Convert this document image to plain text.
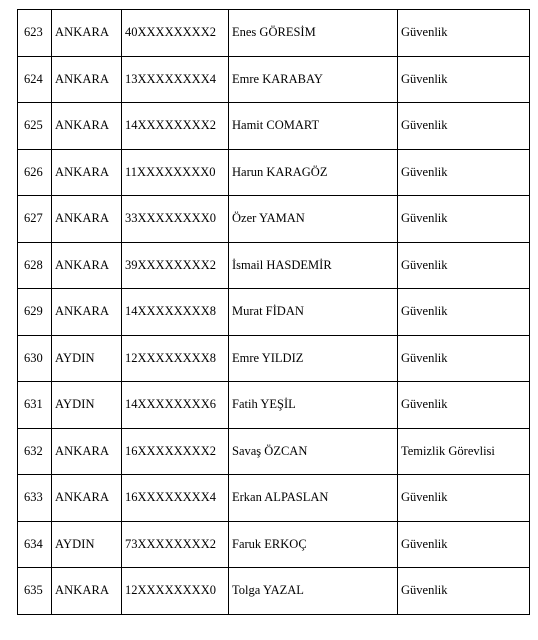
623	ANKARA	40XXXXXXXX2	Enes GÖRESİM	Güvenlik
624	ANKARA	13XXXXXXXX4	Emre KARABAY	Güvenlik
625	ANKARA	14XXXXXXXX2	Hamit COMART	Güvenlik
626	ANKARA	11XXXXXXXX0	Harun KARAGÖZ	Güvenlik
627	ANKARA	33XXXXXXXX0	Özer YAMAN	Güvenlik
628	ANKARA	39XXXXXXXX2	İsmail HASDEMİR	Güvenlik
629	ANKARA	14XXXXXXXX8	Murat FİDAN	Güvenlik
630	AYDIN	12XXXXXXXX8	Emre YILDIZ	Güvenlik
631	AYDIN	14XXXXXXXX6	Fatih YEŞİL	Güvenlik
632	ANKARA	16XXXXXXXX2	Savaş ÖZCAN	Temizlik Görevlisi
633	ANKARA	16XXXXXXXX4	Erkan ALPASLAN	Güvenlik
634	AYDIN	73XXXXXXXX2	Faruk ERKOÇ	Güvenlik
635	ANKARA	12XXXXXXXX0	Tolga YAZAL	Güvenlik
